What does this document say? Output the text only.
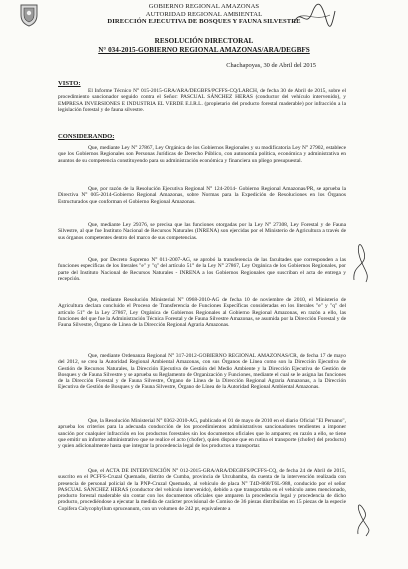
GOBIERNO REGIONAL AMAZONAS
AUTORIDAD REGIONAL AMBIENTAL
DIRECCIÓN EJECUTIVA DE BOSQUES Y FAUNA SILVESTRE
RESOLUCIÓN DIRECTORAL
N° 034-2015-GOBIERNO REGIONAL AMAZONAS/ARA/DEGBFS
Chachapoyas, 30 de Abril del 2015
VISTO:
El Informe Técnico N° 015-2015-GRA/ARA/DEGBFS/PCFFS-CQ/LARCH, de fecha 30 de Abril de 2015, sobre el procedimiento sancionador seguido contra el Señor: PASCUAL SÁNCHEZ HERAS (conductor del vehículo intervenido), y EMPRESA INVERSIONES E INDUSTRIA EL VERDE E.I.R.L. (propietario del producto forestal maderable) por infracción a la legislación forestal y de fauna silvestre.
CONSIDERANDO:
Que, mediante Ley N° 27867, Ley Orgánica de los Gobiernos Regionales y su modificatoria Ley N° 27902, establece que los Gobiernos Regionales son Personas Jurídicas de Derecho Público, con autonomía política, económica y administrativa en asuntos de su competencia constituyendo para su administración económica y financiera un pliego presupuestal.
Que, por razón de la Resolución Ejecutiva Regional N° 124-2014- Gobierno Regional Amazonas/PR, se aprueba la Directiva N° 005-2014-Gobierno Regional Amazonas, sobre Normas para la Expedición de Resoluciones en los Órganos Estructurados que conforman el Gobierno Regional Amazonas.
Que, mediante Ley 29376, se precisa que las funciones otorgadas por la Ley N° 27308, Ley Forestal y de Fauna Silvestre, al que fue Instituto Nacional de Recursos Naturales (INRENA) son ejercidas por el Ministerio de Agricultura a través de sus órganos competentes dentro del marco de sus competencias.
Que, por Decreto Supremo N° 011-2007-AG, se aprobó la transferencia de las facultades que corresponden a las funciones específicas de los literales "e" y "q" del artículo 51° de la Ley N° 27867, Ley Orgánica de los Gobiernos Regionales, por parte del Instituto Nacional de Recursos Naturales - INRENA a los Gobiernos Regionales que suscriban el acta de entrega y recepción.
Que, mediante Resolución Ministerial N° 0968-2010-AG de fecha 10 de noviembre de 2010, el Ministerio de Agricultura declara concluido el Proceso de Transferencia de Funciones Específicas consideradas en los literales "e" y "q" del artículo 51° de la Ley 27867, Ley Orgánica de Gobiernos Regionales al Gobierno Regional Amazonas, en razón a ello, las funciones del que fue la Administración Técnica Forestal y de Fauna Silvestre Amazonas, se asumida por la Dirección Forestal y de Fauna Silvestre, Órgano de Línea de la Dirección Regional Agraria Amazonas.
Que, mediante Ordenanza Regional N° 317-2012-GOBIERNO REGIONAL AMAZONAS/CR, de fecha 17 de mayo del 2012, se crea la Autoridad Regional Ambiental Amazonas, con sus Órganos de Línea como son la Dirección Ejecutiva de Gestión de Recursos Naturales, la Dirección Ejecutiva de Gestión del Medio Ambiente y la Dirección Ejecutiva de Gestión de Bosques y de Fauna Silvestre y se aprueba su Reglamento de Organización y Funciones, mediante el cual se le asigna las funciones de la Dirección Forestal y de Fauna Silvestre, Órgano de Línea de la Dirección Regional Agraria Amazonas, a la Dirección Ejecutiva de Gestión de Bosques y de Fauna Silvestre, Órgano de Línea de la Autoridad Regional Ambiental Amazonas.
Que, la Resolución Ministerial N° 0362-2010-AG, publicado el 01 de mayo de 2010 en el diario Oficial "El Peruano", aprueba los criterios para la adecuada conducción de los procedimientos administrativos sancionadores tendientes a imponer sanción por cualquier infracción en los productos forestales sin los documentos oficiales que lo amparen; en razón a ello, se tiene que emitir un informe administrativo que se realice el acto (chofer), quien dispone que en rutina el transporte (chofer) del producto) y quien adicionalmente hasta que integrar la procedencia legal de los productos a transportar.
Que, el ACTA DE INTERVENCIÓN N° 012-2015-GRA/ARA/DEGBFS/PCFFS-CQ, de fecha 24 de Abril de 2015, suscrito en el PCFFS-Cruzal Quemado, distrito de Cumba, provincia de Utcubamba, da cuenta de la intervención realizada con presencia de personal policial de la PNP-Cruzal Quemado, al vehículo de placa N° T4D-868/T6L-988, conducido por el señor PASCUAL SÁNCHEZ HERAS (conductor del vehículo intervenido), debido a que transportaba en el vehículo antes mencionado, producto forestal maderable sin contar con los documentos oficiales que amparen la procedencia legal y procedencia de dicho producto, procediéndose a ejecutar la medida de carácter provisional de Comiso de 36 piezas distribuidas en 15 piezas de la especie Copifera Calycophyllum spruceanum, con un volumen de 242 pt, equivalente a
